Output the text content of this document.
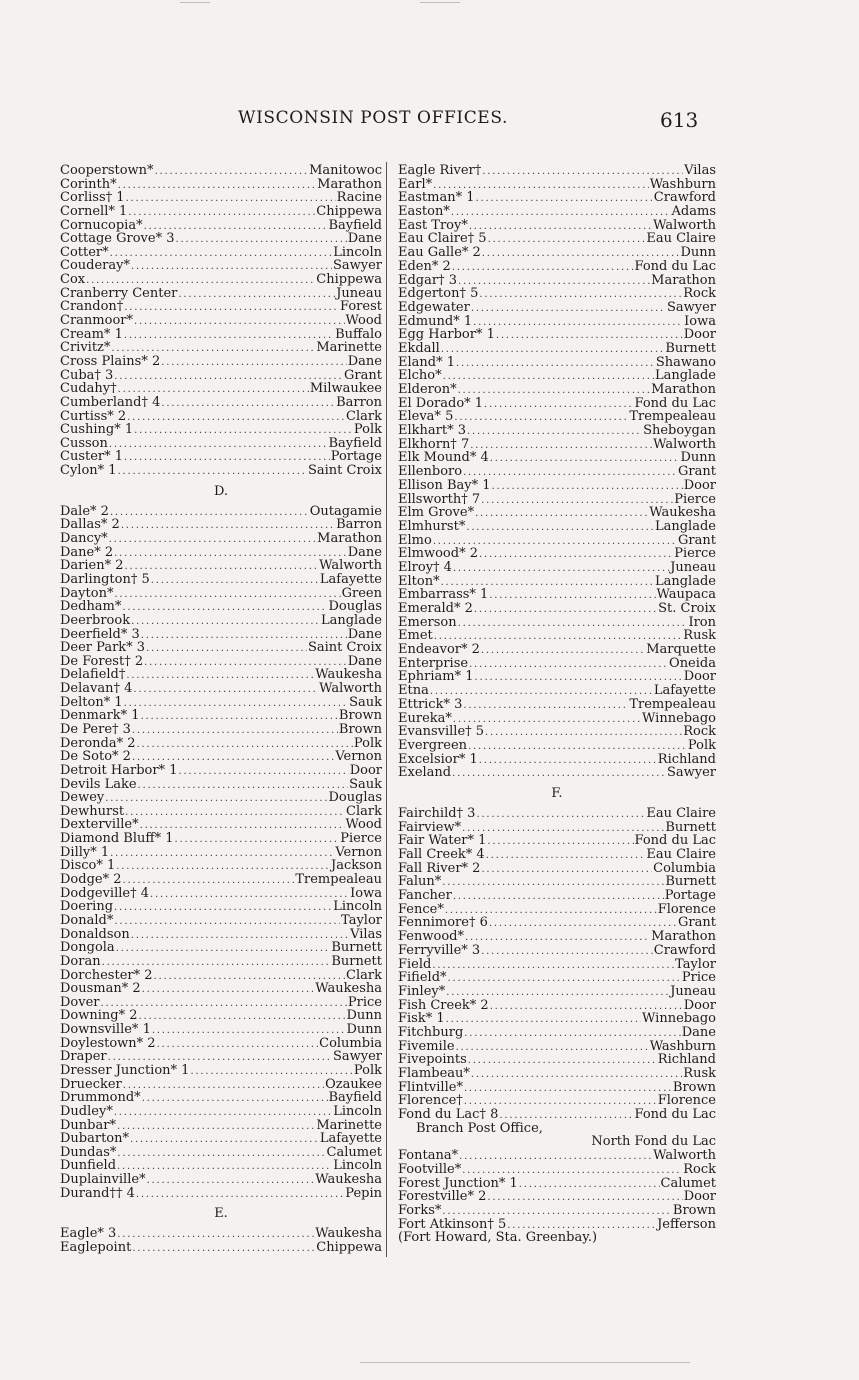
WISCONSIN POST OFFICES.	613
Cooperstown* .....	Manitowoc
Corinth* .....	Marathon
Corliss† 1 .....	Racine
Cornell* 1 .....	Chippewa
Cornucopia* .....	Bayfield
Cottage Grove* 3 .....	Dane
Cotter* .....	Lincoln
Couderay* .....	Sawyer
Cox .....	Chippewa
Cranberry Center .....	Juneau
Crandon† .....	Forest
Cranmoor* .....	Wood
Cream* 1 .....	Buffalo
Crivitz* .....	Marinette
Cross Plains* 2 .....	Dane
Cuba† 3 .....	Grant
Cudahy† .....	Milwaukee
Cumberland† 4 .....	Barron
Curtiss* 2 .....	Clark
Cushing* 1 .....	Polk
Cusson .....	Bayfield
Custer* 1 .....	Portage
Cylon* 1 .....	Saint Croix
D.
Dale* 2 .....	Outagamie
Dallas* 2 .....	Barron
Dancy* .....	Marathon
Dane* 2 .....	Dane
Darien* 2 .....	Walworth
Darlington† 5 .....	Lafayette
Dayton* .....	Green
Dedham* .....	Douglas
Deerbrook .....	Langlade
Deerfield* 3 .....	Dane
Deer Park* 3 .....	Saint Croix
De Forest† 2 .....	Dane
Delafield† .....	Waukesha
Delavan† 4 .....	Walworth
Delton* 1 .....	Sauk
Denmark* 1 .....	Brown
De Pere† 3 .....	Brown
Deronda* 2 .....	Polk
De Soto* 2 .....	Vernon
Detroit Harbor* 1 .....	Door
Devils Lake .....	Sauk
Dewey .....	Douglas
Dewhurst .....	Clark
Dexterville* .....	Wood
Diamond Bluff* 1 .....	Pierce
Dilly* 1 .....	Vernon
Disco* 1 .....	Jackson
Dodge* 2 .....	Trempealeau
Dodgeville† 4 .....	Iowa
Doering .....	Lincoln
Donald* .....	Taylor
Donaldson .....	Vilas
Dongola .....	Burnett
Doran .....	Burnett
Dorchester* 2 .....	Clark
Dousman* 2 .....	Waukesha
Dover .....	Price
Downing* 2 .....	Dunn
Downsville* 1 .....	Dunn
Doylestown* 2 .....	Columbia
Draper .....	Sawyer
Dresser Junction* 1 .....	Polk
Druecker .....	Ozaukee
Drummond* .....	Bayfield
Dudley* .....	Lincoln
Dunbar* .....	Marinette
Dubarton* .....	Lafayette
Dundas* .....	Calumet
Dunfield .....	Lincoln
Duplainville* .....	Waukesha
Durand†† 4 .....	Pepin
E.
Eagle* 3 .....	Waukesha
Eaglepoint .....	Chippewa
Eagle River† .....	Vilas
Earl* .....	Washburn
Eastman* 1 .....	Crawford
Easton* .....	Adams
East Troy* .....	Walworth
Eau Claire† 5 .....	Eau Claire
Eau Galle* 2 .....	Dunn
Eden* 2 .....	Fond du Lac
Edgar† 3 .....	Marathon
Edgerton† 5 .....	Rock
Edgewater .....	Sawyer
Edmund* 1 .....	Iowa
Egg Harbor* 1 .....	Door
Ekdall .....	Burnett
Eland* 1 .....	Shawano
Elcho* .....	Langlade
Elderon* .....	Marathon
El Dorado* 1 .....	Fond du Lac
Eleva* 5 .....	Trempealeau
Elkhart* 3 .....	Sheboygan
Elkhorn† 7 .....	Walworth
Elk Mound* 4 .....	Dunn
Ellenboro .....	Grant
Ellison Bay* 1 .....	Door
Ellsworth† 7 .....	Pierce
Elm Grove* .....	Waukesha
Elmhurst* .....	Langlade
Elmo .....	Grant
Elmwood* 2 .....	Pierce
Elroy† 4 .....	Juneau
Elton* .....	Langlade
Embarrass* 1 .....	Waupaca
Emerald* 2 .....	St. Croix
Emerson .....	Iron
Emet .....	Rusk
Endeavor* 2 .....	Marquette
Enterprise .....	Oneida
Ephriam* 1 .....	Door
Etna .....	Lafayette
Ettrick* 3 .....	Trempealeau
Eureka* .....	Winnebago
Evansville† 5 .....	Rock
Evergreen .....	Polk
Excelsior* 1 .....	Richland
Exeland .....	Sawyer
F.
Fairchild† 3 .....	Eau Claire
Fairview* .....	Burnett
Fair Water* 1 .....	Fond du Lac
Fall Creek* 4 .....	Eau Claire
Fall River* 2 .....	Columbia
Falun* .....	Burnett
Fancher .....	Portage
Fence* .....	Florence
Fennimore† 6 .....	Grant
Fenwood* .....	Marathon
Ferryville* 3 .....	Crawford
Field .....	Taylor
Fifield* .....	Price
Finley* .....	Juneau
Fish Creek* 2 .....	Door
Fisk* 1 .....	Winnebago
Fitchburg .....	Dane
Fivemile .....	Washburn
Fivepoints .....	Richland
Flambeau* .....	Rusk
Flintville* .....	Brown
Florence† .....	Florence
Fond du Lac† 8 .....	Fond du Lac
Branch Post Office,
North Fond du Lac
Fontana* .....	Walworth
Footville* .....	Rock
Forest Junction* 1 .....	Calumet
Forestville* 2 .....	Door
Forks* .....	Brown
Fort Atkinson† 5 .....	Jefferson
(Fort Howard, Sta. Greenbay.)
